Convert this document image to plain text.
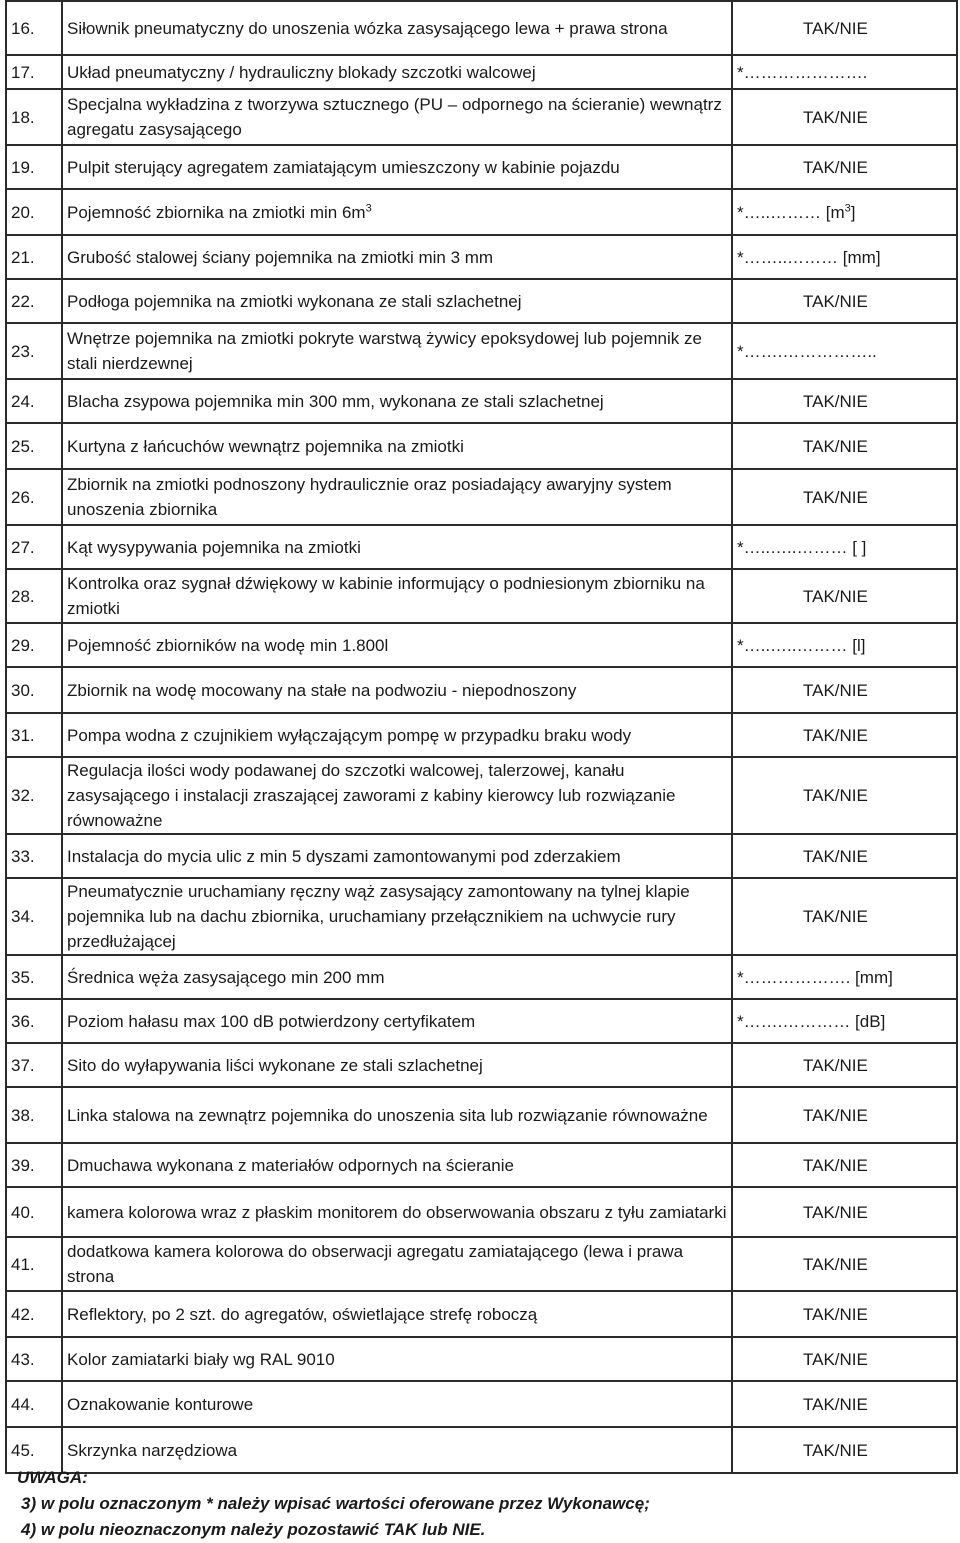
16.	Siłownik pneumatyczny do unoszenia wózka zasysającego lewa + prawa strona	TAK/NIE
17.	Układ pneumatyczny / hydrauliczny blokady szczotki walcowej	*………………….
18.	Specjalna wykładzina z tworzywa sztucznego (PU – odpornego na ścieranie) wewnątrz agregatu zasysającego	TAK/NIE
19.	Pulpit sterujący agregatem zamiatającym umieszczony w kabinie pojazdu	TAK/NIE
20.	Pojemność zbiornika na zmiotki $\min 6m^3$	*…..……… $[m^3]$
21.	Grubość stalowej ściany pojemnika na zmiotki min 3 mm	*……..……… [mm]
22.	Podłoga pojemnika na zmiotki wykonana ze stali szlachetnej	TAK/NIE
23.	Wnętrze pojemnika na zmiotki pokryte warstwą żywicy epoksydowej lub pojemnik ze stali nierdzewnej	*…….……………..
24.	Blacha zsypowa pojemnika min 300 mm, wykonana ze stali szlachetnej	TAK/NIE
25.	Kurtyna z łańcuchów wewnątrz pojemnika na zmiotki	TAK/NIE
26.	Zbiornik na zmiotki podnoszony hydraulicznie oraz posiadający awaryjny system unoszenia zbiornika	TAK/NIE
27.	Kąt wysypywania pojemnika na zmiotki	*…..…..……… [ ]
28.	Kontrolka oraz sygnał dźwiękowy w kabinie informujący o podniesionym zbiorniku na zmiotki	TAK/NIE
29.	Pojemność zbiorników na wodę min 1.800l	*…..…..……… [l]
30.	Zbiornik na wodę mocowany na stałe na podwoziu - niepodnoszony	TAK/NIE
31.	Pompa wodna z czujnikiem wyłączającym pompę w przypadku braku wody	TAK/NIE
32.	Regulacja ilości wody podawanej do szczotki walcowej, talerzowej, kanału zasysającego i instalacji zraszającej zaworami z kabiny kierowcy lub rozwiązanie równoważne	TAK/NIE
33.	Instalacja do mycia ulic z min 5 dyszami zamontowanymi pod zderzakiem	TAK/NIE
34.	Pneumatycznie uruchamiany ręczny wąż zasysający zamontowany na tylnej klapie pojemnika lub na dachu zbiornika, uruchamiany przełącznikiem na uchwycie rury przedłużającej	TAK/NIE
35.	Średnica węża zasysającego min 200 mm	*………………. [mm]
36.	Poziom hałasu max 100 dB potwierdzony certyfikatem	*…….………… [dB]
37.	Sito do wyłapywania liści wykonane ze stali szlachetnej	TAK/NIE
38.	Linka stalowa na zewnątrz pojemnika do unoszenia sita lub rozwiązanie równoważne	TAK/NIE
39.	Dmuchawa wykonana z materiałów odpornych na ścieranie	TAK/NIE
40.	kamera kolorowa wraz z płaskim monitorem do obserwowania obszaru z tyłu zamiatarki	TAK/NIE
41.	dodatkowa kamera kolorowa do obserwacji agregatu zamiatającego (lewa i prawa strona	TAK/NIE
42.	Reflektory, po 2 szt. do agregatów, oświetlające strefę roboczą	TAK/NIE
43.	Kolor zamiatarki biały wg RAL 9010	TAK/NIE
44.	Oznakowanie konturowe	TAK/NIE
45.	Skrzynka narzędziowa	TAK/NIE
UWAGA:
3) w polu oznaczonym * należy wpisać wartości oferowane przez Wykonawcę;
4) w polu nieoznaczonym należy pozostawić TAK lub NIE.
